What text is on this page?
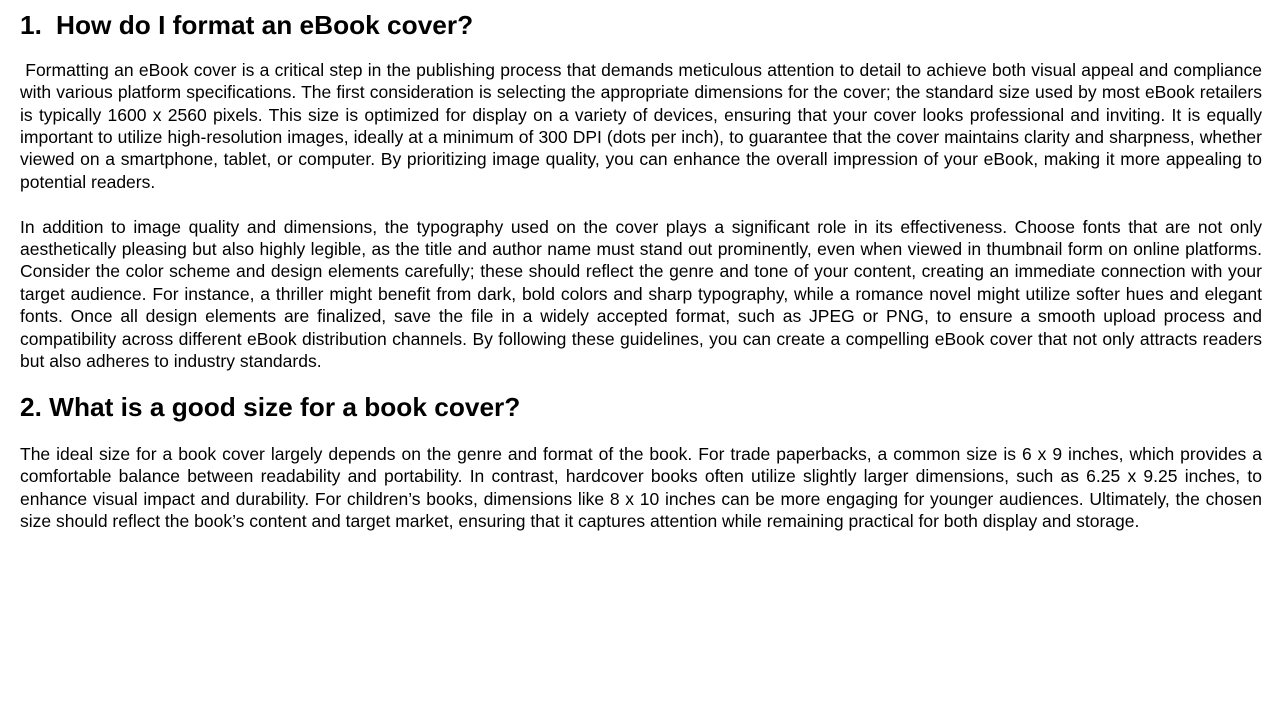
1. How do I format an eBook cover?

Formatting an eBook cover is a critical step in the publishing process that demands meticulous attention to detail to achieve both visual appeal and compliance with various platform specifications. The first consideration is selecting the appropriate dimensions for the cover; the standard size used by most eBook retailers is typically 1600 x 2560 pixels. This size is optimized for display on a variety of devices, ensuring that your cover looks professional and inviting. It is equally important to utilize high-resolution images, ideally at a minimum of 300 DPI (dots per inch), to guarantee that the cover maintains clarity and sharpness, whether viewed on a smartphone, tablet, or computer. By prioritizing image quality, you can enhance the overall impression of your eBook, making it more appealing to potential readers.

In addition to image quality and dimensions, the typography used on the cover plays a significant role in its effectiveness. Choose fonts that are not only aesthetically pleasing but also highly legible, as the title and author name must stand out prominently, even when viewed in thumbnail form on online platforms. Consider the color scheme and design elements carefully; these should reflect the genre and tone of your content, creating an immediate connection with your target audience. For instance, a thriller might benefit from dark, bold colors and sharp typography, while a romance novel might utilize softer hues and elegant fonts. Once all design elements are finalized, save the file in a widely accepted format, such as JPEG or PNG, to ensure a smooth upload process and compatibility across different eBook distribution channels. By following these guidelines, you can create a compelling eBook cover that not only attracts readers but also adheres to industry standards.

2. What is a good size for a book cover?

The ideal size for a book cover largely depends on the genre and format of the book. For trade paperbacks, a common size is 6 x 9 inches, which provides a comfortable balance between readability and portability. In contrast, hardcover books often utilize slightly larger dimensions, such as 6.25 x 9.25 inches, to enhance visual impact and durability. For children’s books, dimensions like 8 x 10 inches can be more engaging for younger audiences. Ultimately, the chosen size should reflect the book’s content and target market, ensuring that it captures attention while remaining practical for both display and storage.
